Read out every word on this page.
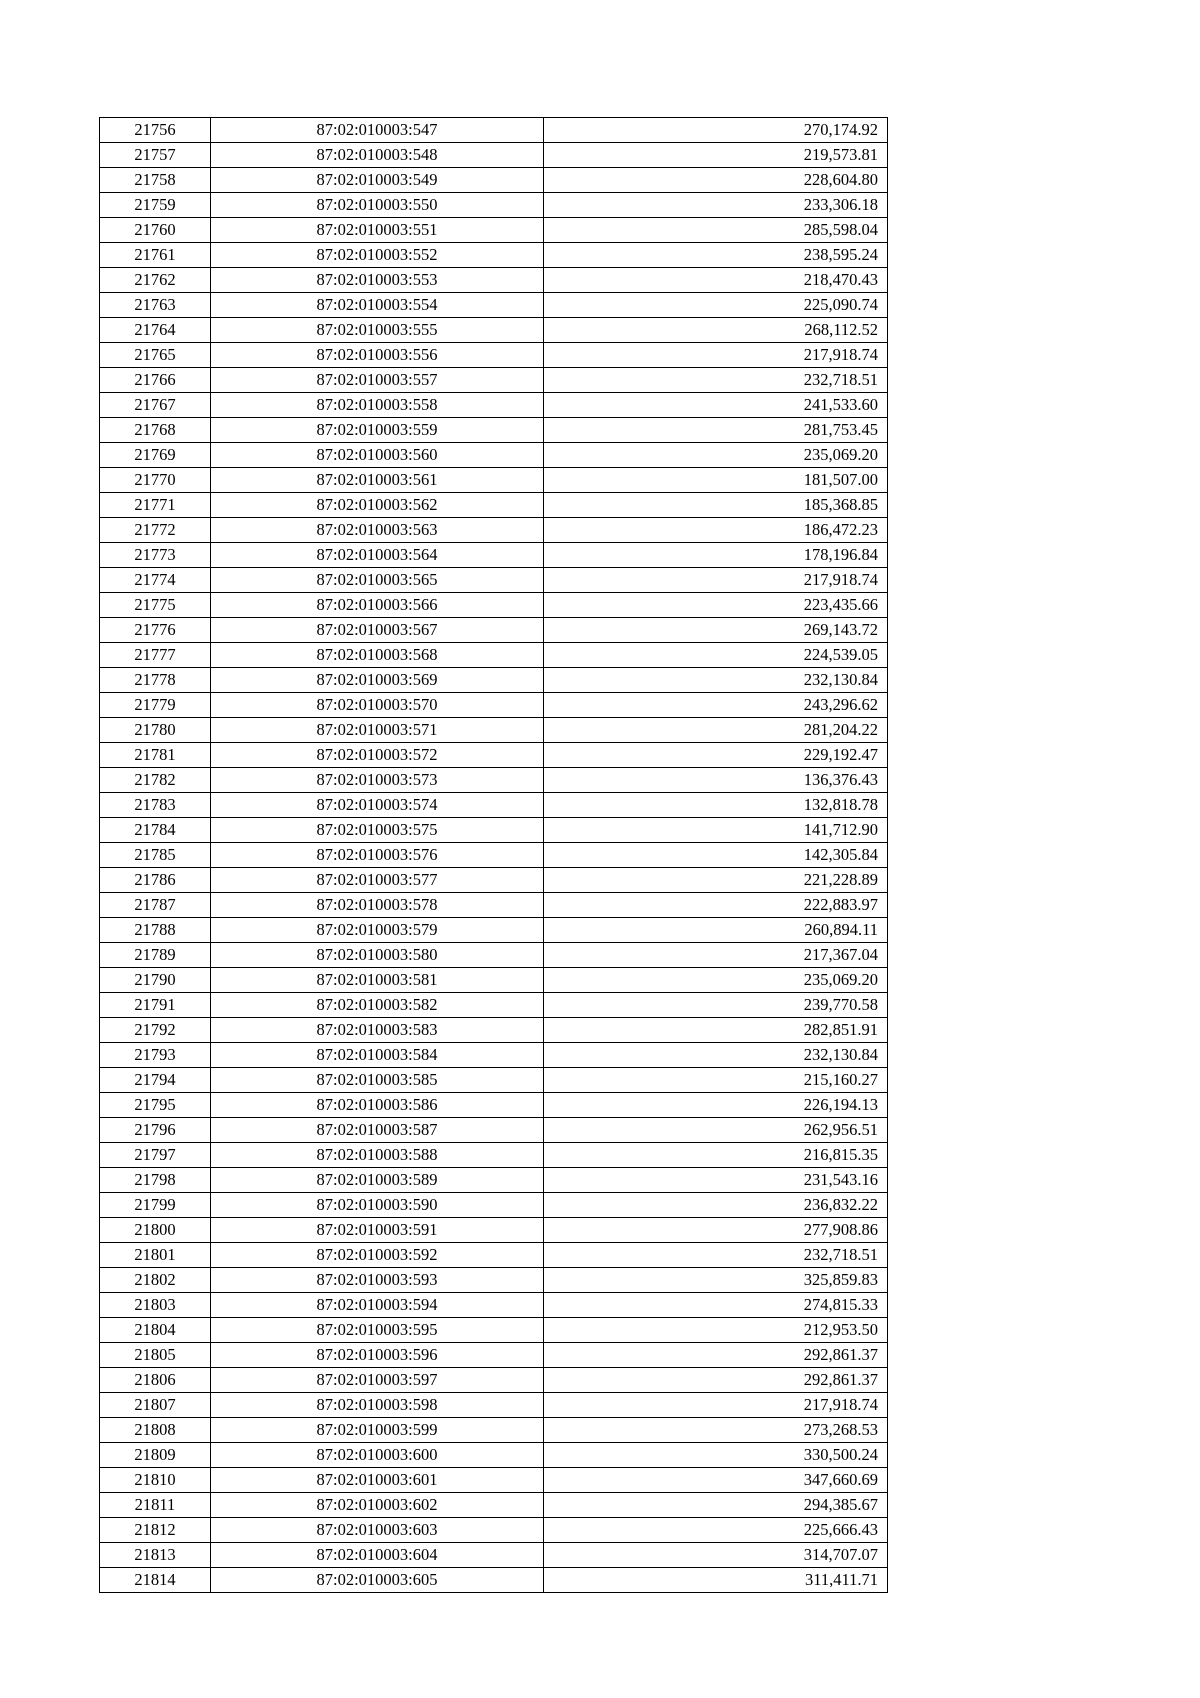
21756	87:02:010003:547	270,174.92
21757	87:02:010003:548	219,573.81
21758	87:02:010003:549	228,604.80
21759	87:02:010003:550	233,306.18
21760	87:02:010003:551	285,598.04
21761	87:02:010003:552	238,595.24
21762	87:02:010003:553	218,470.43
21763	87:02:010003:554	225,090.74
21764	87:02:010003:555	268,112.52
21765	87:02:010003:556	217,918.74
21766	87:02:010003:557	232,718.51
21767	87:02:010003:558	241,533.60
21768	87:02:010003:559	281,753.45
21769	87:02:010003:560	235,069.20
21770	87:02:010003:561	181,507.00
21771	87:02:010003:562	185,368.85
21772	87:02:010003:563	186,472.23
21773	87:02:010003:564	178,196.84
21774	87:02:010003:565	217,918.74
21775	87:02:010003:566	223,435.66
21776	87:02:010003:567	269,143.72
21777	87:02:010003:568	224,539.05
21778	87:02:010003:569	232,130.84
21779	87:02:010003:570	243,296.62
21780	87:02:010003:571	281,204.22
21781	87:02:010003:572	229,192.47
21782	87:02:010003:573	136,376.43
21783	87:02:010003:574	132,818.78
21784	87:02:010003:575	141,712.90
21785	87:02:010003:576	142,305.84
21786	87:02:010003:577	221,228.89
21787	87:02:010003:578	222,883.97
21788	87:02:010003:579	260,894.11
21789	87:02:010003:580	217,367.04
21790	87:02:010003:581	235,069.20
21791	87:02:010003:582	239,770.58
21792	87:02:010003:583	282,851.91
21793	87:02:010003:584	232,130.84
21794	87:02:010003:585	215,160.27
21795	87:02:010003:586	226,194.13
21796	87:02:010003:587	262,956.51
21797	87:02:010003:588	216,815.35
21798	87:02:010003:589	231,543.16
21799	87:02:010003:590	236,832.22
21800	87:02:010003:591	277,908.86
21801	87:02:010003:592	232,718.51
21802	87:02:010003:593	325,859.83
21803	87:02:010003:594	274,815.33
21804	87:02:010003:595	212,953.50
21805	87:02:010003:596	292,861.37
21806	87:02:010003:597	292,861.37
21807	87:02:010003:598	217,918.74
21808	87:02:010003:599	273,268.53
21809	87:02:010003:600	330,500.24
21810	87:02:010003:601	347,660.69
21811	87:02:010003:602	294,385.67
21812	87:02:010003:603	225,666.43
21813	87:02:010003:604	314,707.07
21814	87:02:010003:605	311,411.71
